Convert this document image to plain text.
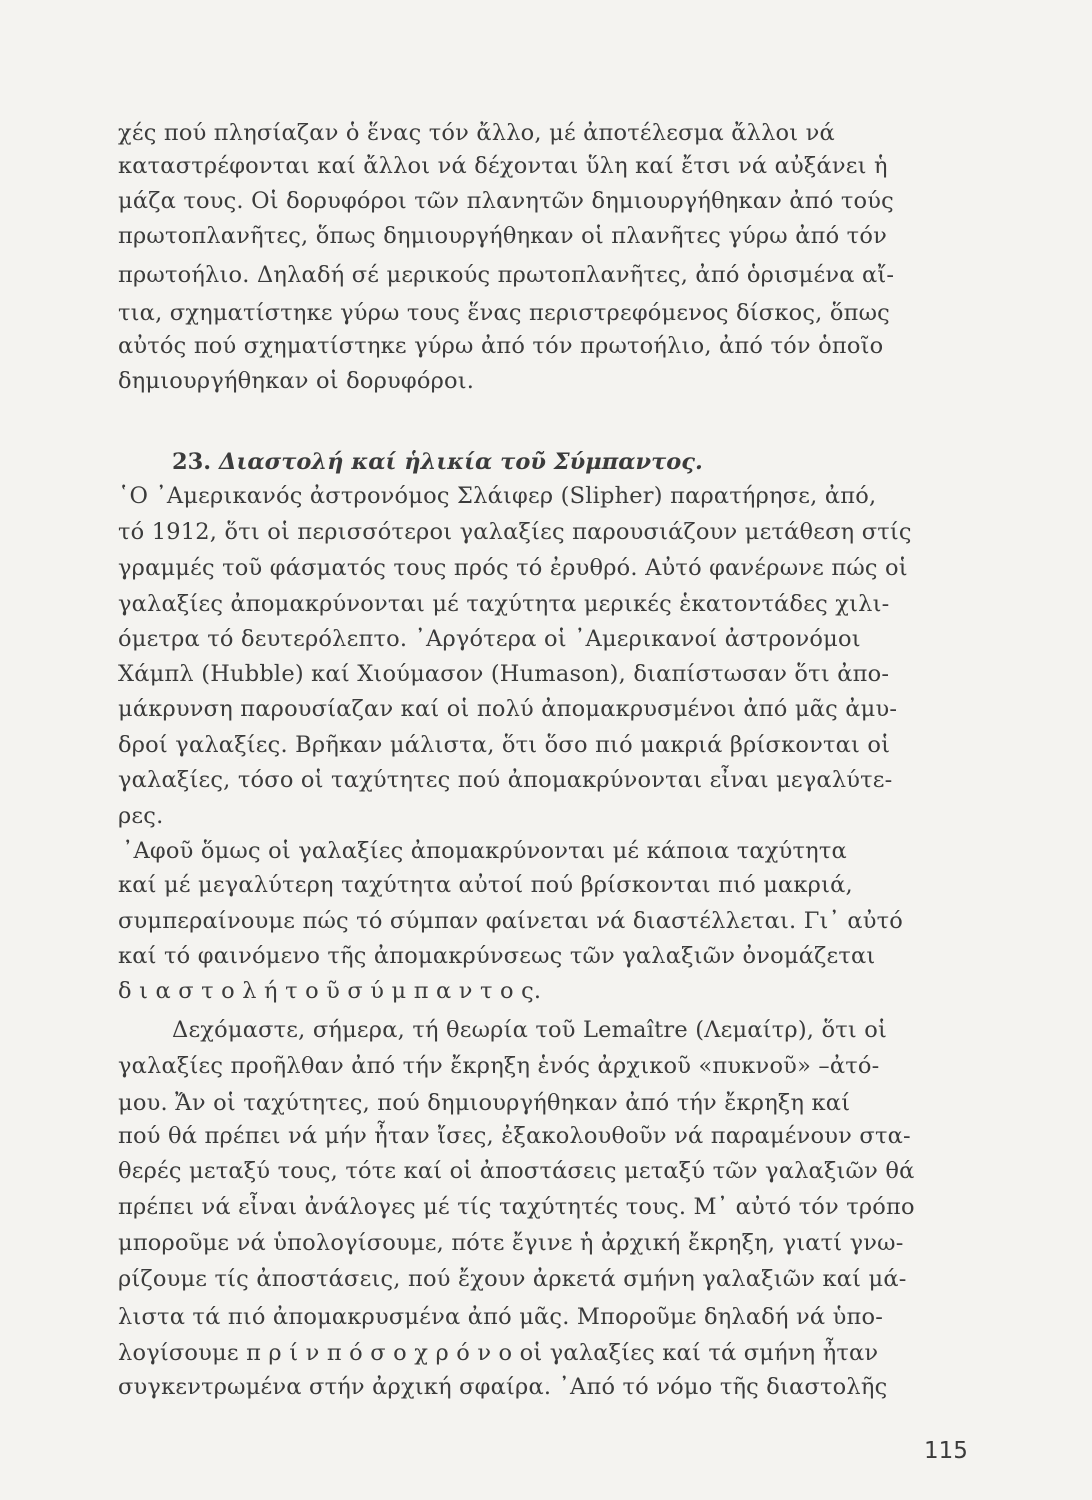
χές πού πλησίαζαν ὁ ἕνας τόν ἄλλο, μέ ἀποτέλεσμα ἄλλοι νά
καταστρέφονται καί ἄλλοι νά δέχονται ὕλη καί ἔτσι νά αὐξάνει ἡ
μάζα τους. Οἱ δορυφόροι τῶν πλανητῶν δημιουργήθηκαν ἀπό τούς
πρωτοπλανῆτες, ὅπως δημιουργήθηκαν οἱ πλανῆτες γύρω ἀπό τόν
πρωτοήλιο. Δηλαδή σέ μερικούς πρωτοπλανῆτες, ἀπό ὁρισμένα αἴ-
τια, σχηματίστηκε γύρω τους ἕνας περιστρεφόμενος δίσκος, ὅπως
αὐτός πού σχηματίστηκε γύρω ἀπό τόν πρωτοήλιο, ἀπό τόν ὁποῖο
δημιουργήθηκαν οἱ δορυφόροι.
23. Διαστολή καί ἡλικία τοῦ Σύμπαντος.
῾Ο ᾿Αμερικανός ἀστρονόμος Σλάιφερ (Slipher) παρατήρησε, ἀπό,
τό 1912, ὅτι οἱ περισσότεροι γαλαξίες παρουσιάζουν μετάθεση στίς
γραμμές τοῦ φάσματός τους πρός τό ἐρυθρό. Αὐτό φανέρωνε πώς οἱ
γαλαξίες ἀπομακρύνονται μέ ταχύτητα μερικές ἑκατοντάδες χιλι-
όμετρα τό δευτερόλεπτο. ᾿Αργότερα οἱ ᾿Αμερικανοί ἀστρονόμοι
Χάμπλ (Hubble) καί Χιούμασον (Humason), διαπίστωσαν ὅτι ἀπο-
μάκρυνση παρουσίαζαν καί οἱ πολύ ἀπομακρυσμένοι ἀπό μᾶς ἀμυ-
δροί γαλαξίες. Βρῆκαν μάλιστα, ὅτι ὅσο πιό μακριά βρίσκονται οἱ
γαλαξίες, τόσο οἱ ταχύτητες πού ἀπομακρύνονται εἶναι μεγαλύτε-
ρες.
᾿Αφοῦ ὅμως οἱ γαλαξίες ἀπομακρύνονται μέ κάποια ταχύτητα
καί μέ μεγαλύτερη ταχύτητα αὐτοί πού βρίσκονται πιό μακριά,
συμπεραίνουμε πώς τό σύμπαν φαίνεται νά διαστέλλεται. Γι᾿ αὐτό
καί τό φαινόμενο τῆς ἀπομακρύνσεως τῶν γαλαξιῶν ὀνομάζεται
δ ι α σ τ ο λ ή τ ο ῦ σ ύ μ π α ν τ ο ς.
Δεχόμαστε, σήμερα, τή θεωρία τοῦ Lemaître (Λεμαίτρ), ὅτι οἱ
γαλαξίες προῆλθαν ἀπό τήν ἔκρηξη ἑνός ἀρχικοῦ «πυκνοῦ» –ἀτό-
μου. Ἄν οἱ ταχύτητες, πού δημιουργήθηκαν ἀπό τήν ἔκρηξη καί
πού θά πρέπει νά μήν ἦταν ἴσες, ἐξακολουθοῦν νά παραμένουν στα-
θερές μεταξύ τους, τότε καί οἱ ἀποστάσεις μεταξύ τῶν γαλαξιῶν θά
πρέπει νά εἶναι ἀνάλογες μέ τίς ταχύτητές τους. Μ᾿ αὐτό τόν τρόπο
μποροῦμε νά ὑπολογίσουμε, πότε ἔγινε ἡ ἀρχική ἔκρηξη, γιατί γνω-
ρίζουμε τίς ἀποστάσεις, πού ἔχουν ἀρκετά σμήνη γαλαξιῶν καί μά-
λιστα τά πιό ἀπομακρυσμένα ἀπό μᾶς. Μποροῦμε δηλαδή νά ὑπο-
λογίσουμε π ρ ί ν π ό σ ο χ ρ ό ν ο οἱ γαλαξίες καί τά σμήνη ἦταν
συγκεντρωμένα στήν ἀρχική σφαίρα. ᾿Από τό νόμο τῆς διαστολῆς
115
